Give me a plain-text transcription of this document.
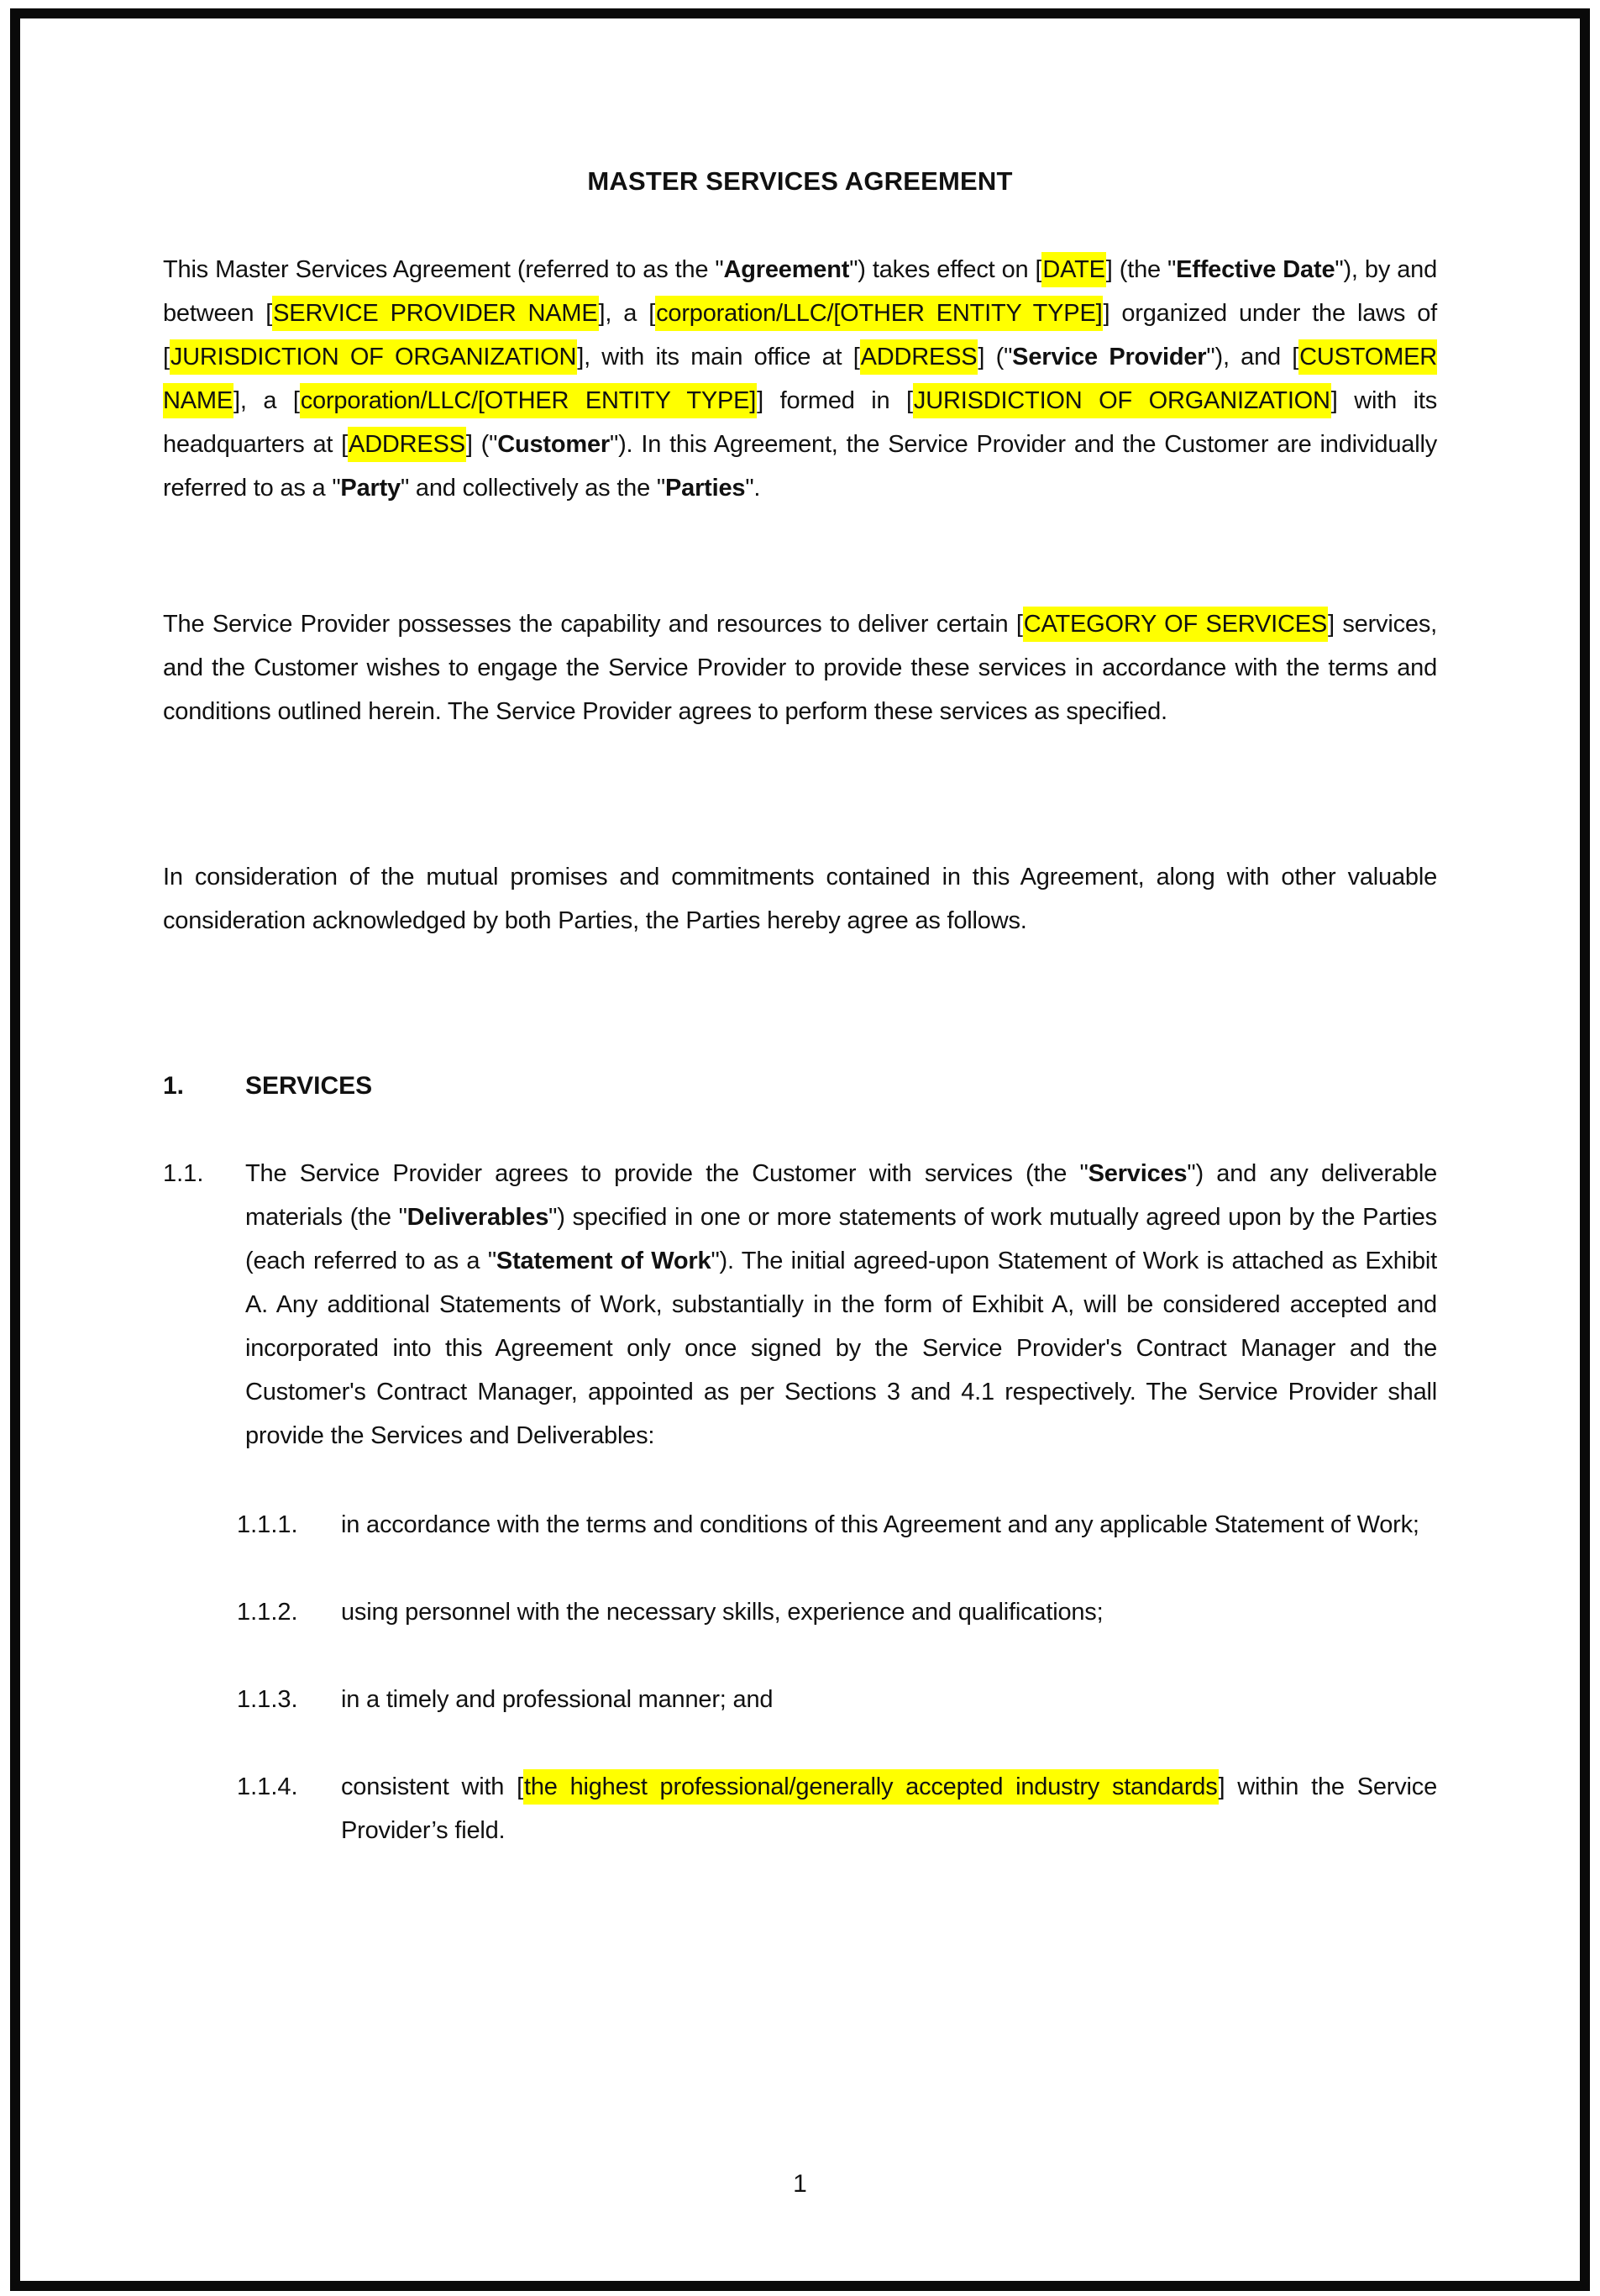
MASTER SERVICES AGREEMENT
This Master Services Agreement (referred to as the "Agreement") takes effect on [DATE] (the "Effective Date"), by and between [SERVICE PROVIDER NAME], a [corporation/LLC/[OTHER ENTITY TYPE]] organized under the laws of [JURISDICTION OF ORGANIZATION], with its main office at [ADDRESS] ("Service Provider"), and [CUSTOMER NAME], a [corporation/LLC/[OTHER ENTITY TYPE]] formed in [JURISDICTION OF ORGANIZATION] with its headquarters at [ADDRESS] ("Customer"). In this Agreement, the Service Provider and the Customer are individually referred to as a "Party" and collectively as the "Parties".
The Service Provider possesses the capability and resources to deliver certain [CATEGORY OF SERVICES] services, and the Customer wishes to engage the Service Provider to provide these services in accordance with the terms and conditions outlined herein. The Service Provider agrees to perform these services as specified.
In consideration of the mutual promises and commitments contained in this Agreement, along with other valuable consideration acknowledged by both Parties, the Parties hereby agree as follows.
1.	SERVICES
1.1.	The Service Provider agrees to provide the Customer with services (the "Services") and any deliverable materials (the "Deliverables") specified in one or more statements of work mutually agreed upon by the Parties (each referred to as a "Statement of Work"). The initial agreed-upon Statement of Work is attached as Exhibit A. Any additional Statements of Work, substantially in the form of Exhibit A, will be considered accepted and incorporated into this Agreement only once signed by the Service Provider's Contract Manager and the Customer's Contract Manager, appointed as per Sections 3 and 4.1 respectively. The Service Provider shall provide the Services and Deliverables:
1.1.1.	in accordance with the terms and conditions of this Agreement and any applicable Statement of Work;
1.1.2.	using personnel with the necessary skills, experience and qualifications;
1.1.3.	in a timely and professional manner; and
1.1.4.	consistent with [the highest professional/generally accepted industry standards] within the Service Provider’s field.
1
